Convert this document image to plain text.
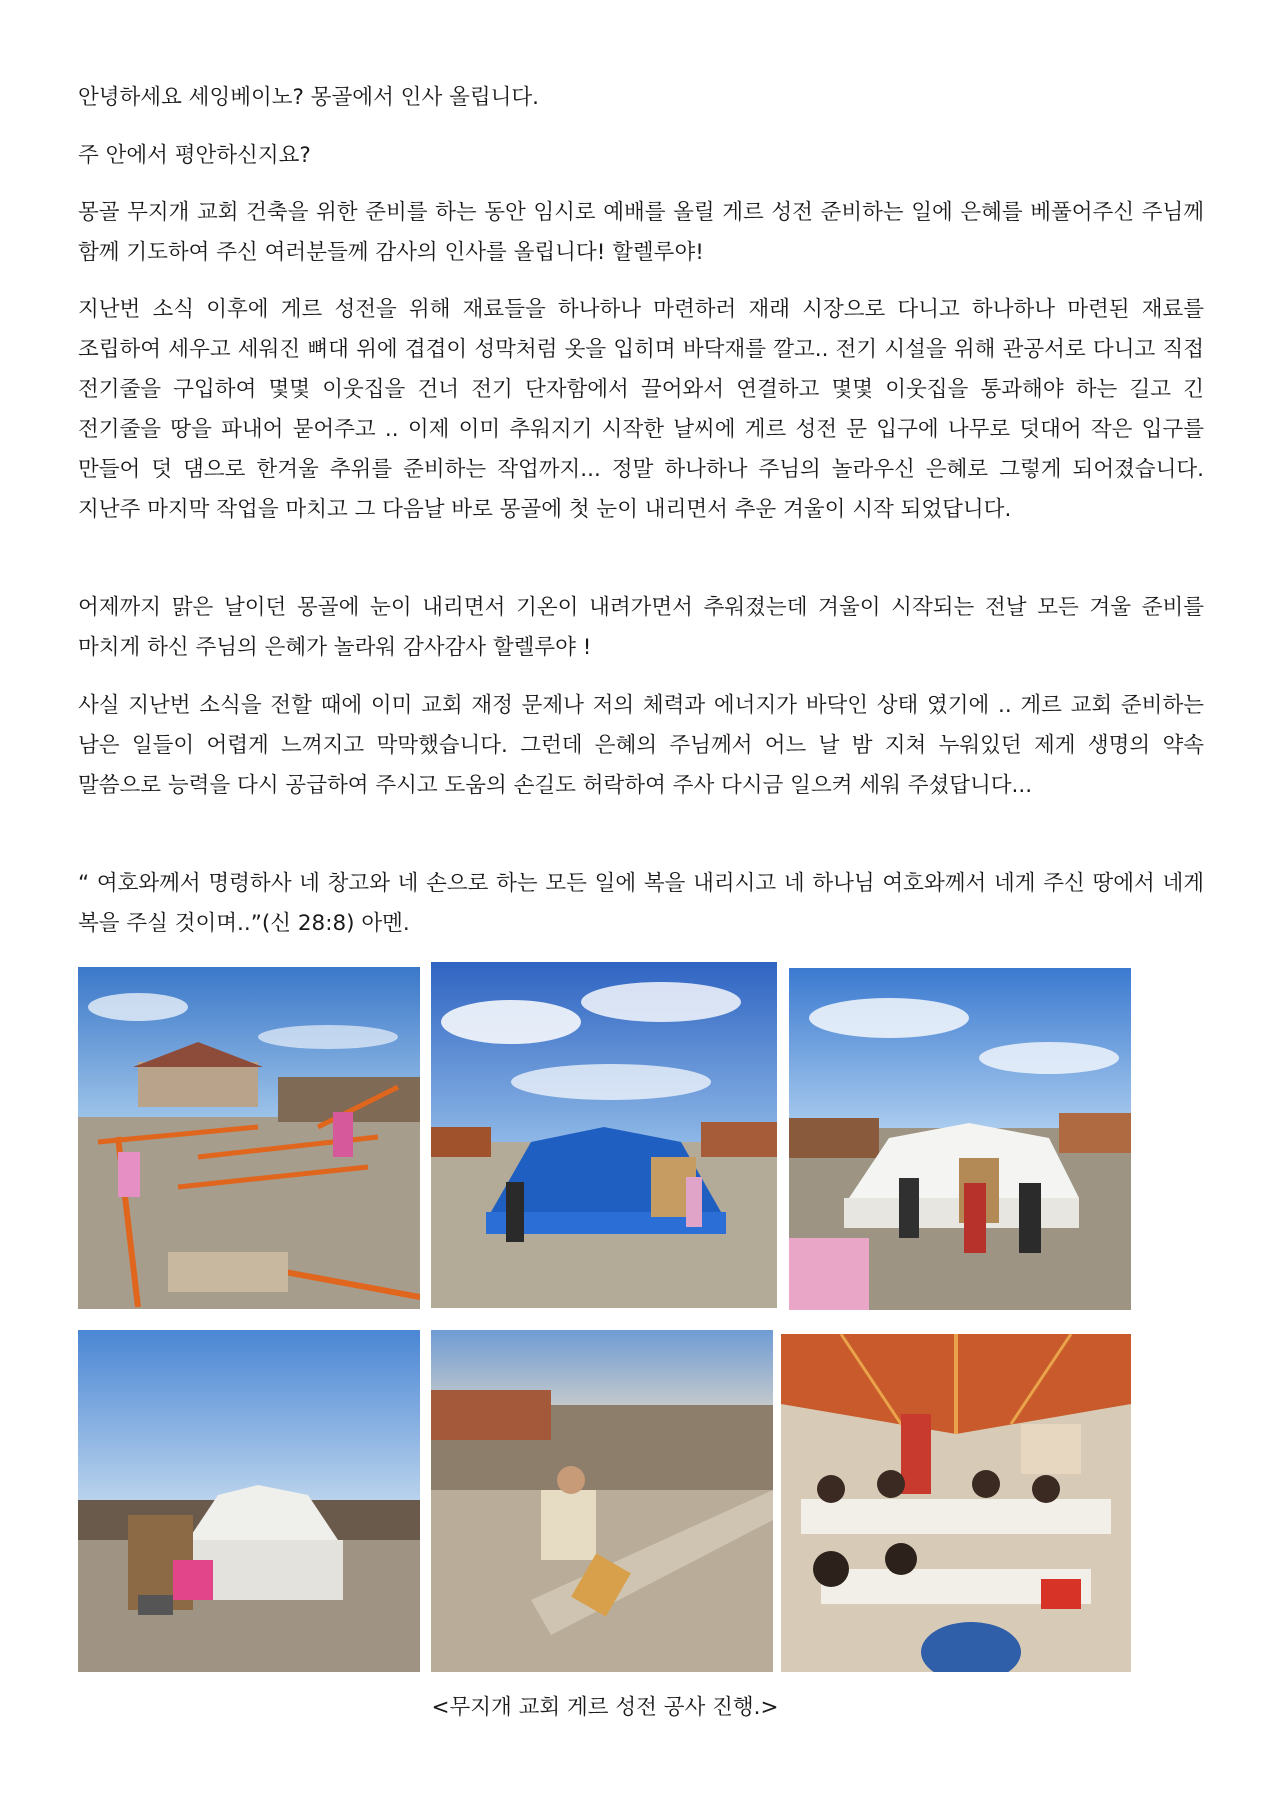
안녕하세요 세잉베이노? 몽골에서 인사 올립니다.

주 안에서 평안하신지요?

몽골 무지개 교회 건축을 위한 준비를 하는 동안 임시로 예배를 올릴 게르 성전 준비하는 일에 은혜를 베풀어주신 주님께 함께 기도하여 주신 여러분들께 감사의 인사를 올립니다! 할렐루야!

지난번 소식 이후에 게르 성전을 위해 재료들을 하나하나 마련하러 재래 시장으로 다니고 하나하나 마련된 재료를 조립하여 세우고 세워진 뼈대 위에 겹겹이 성막처럼 옷을 입히며 바닥재를 깔고.. 전기 시설을 위해 관공서로 다니고 직접 전기줄을 구입하여 몇몇 이웃집을 건너 전기 단자함에서 끌어와서 연결하고 몇몇 이웃집을 통과해야 하는 길고 긴 전기줄을 땅을 파내어 묻어주고 .. 이제 이미 추워지기 시작한 날씨에 게르 성전 문 입구에 나무로 덧대어 작은 입구를 만들어 덧 댐으로 한겨울 추위를 준비하는 작업까지... 정말 하나하나 주님의 놀라우신 은혜로 그렇게 되어졌습니다. 지난주 마지막 작업을 마치고 그 다음날 바로 몽골에 첫 눈이 내리면서 추운 겨울이 시작 되었답니다.

어제까지 맑은 날이던 몽골에 눈이 내리면서 기온이 내려가면서 추워졌는데 겨울이 시작되는 전날 모든 겨울 준비를 마치게 하신 주님의 은혜가 놀라워 감사감사 할렐루야 !

사실 지난번 소식을 전할 때에 이미 교회 재정 문제나 저의 체력과 에너지가 바닥인 상태 였기에 .. 게르 교회 준비하는 남은 일들이 어렵게 느껴지고 막막했습니다. 그런데 은혜의 주님께서 어느 날 밤 지쳐 누워있던 제게 생명의 약속 말씀으로 능력을 다시 공급하여 주시고 도움의 손길도 허락하여 주사 다시금 일으켜 세워 주셨답니다...

“ 여호와께서 명령하사 네 창고와 네 손으로 하는 모든 일에 복을 내리시고 네 하나님 여호와께서 네게 주신 땅에서 네게 복을 주실 것이며..”(신 28:8) 아멘.

<무지개 교회 게르 성전 공사 진행.>
